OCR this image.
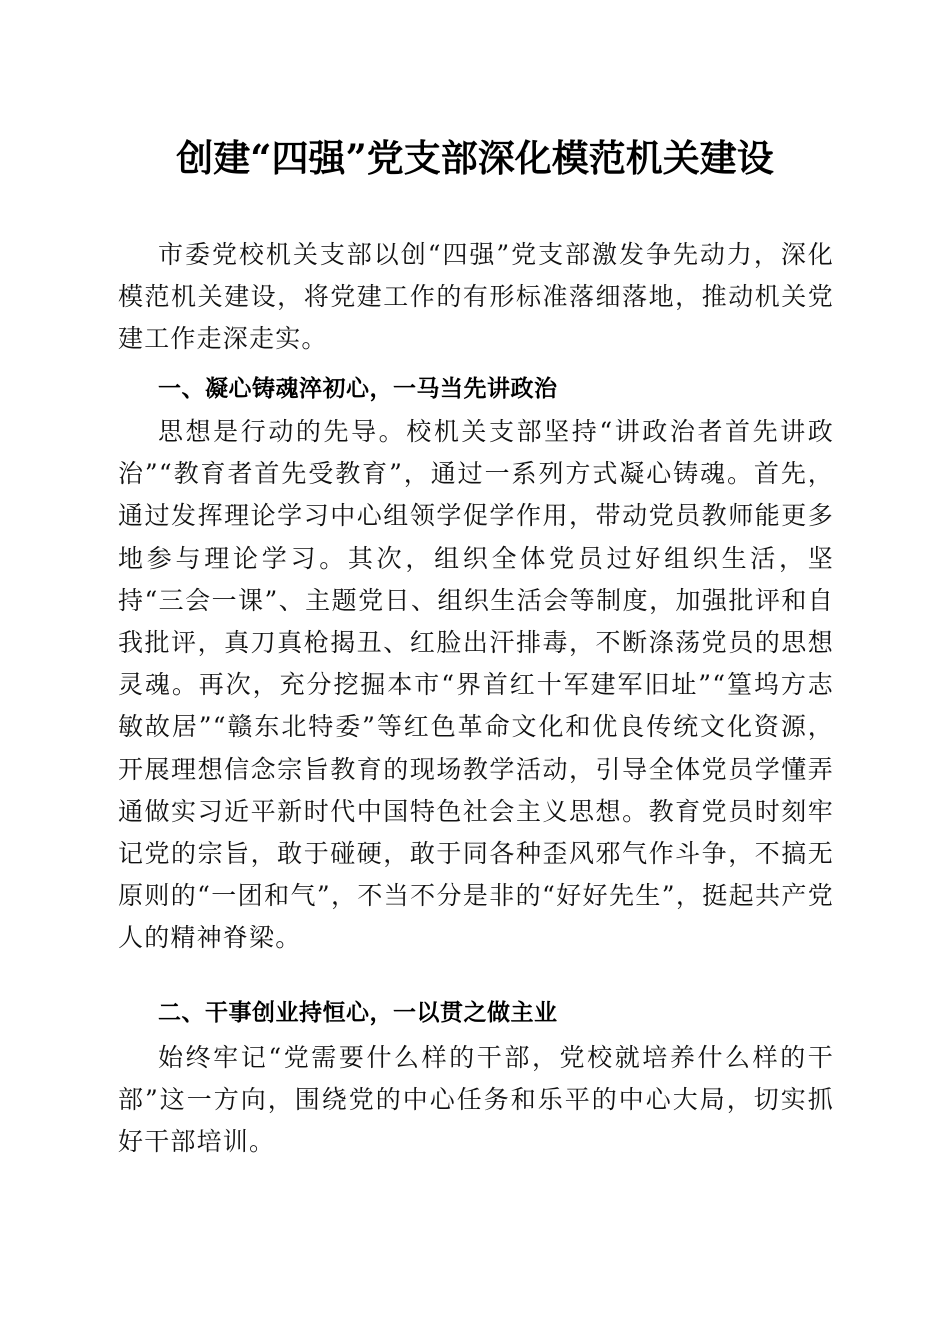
创建“四强”党支部深化模范机关建设

市委党校机关支部以创“四强”党支部激发争先动力，深化模范机关建设，将党建工作的有形标准落细落地，推动机关党建工作走深走实。

一、凝心铸魂淬初心，一马当先讲政治

思想是行动的先导。校机关支部坚持“讲政治者首先讲政治”“教育者首先受教育”，通过一系列方式凝心铸魂。首先，通过发挥理论学习中心组领学促学作用，带动党员教师能更多地参与理论学习。其次，组织全体党员过好组织生活，坚持“三会一课”、主题党日、组织生活会等制度，加强批评和自我批评，真刀真枪揭丑、红脸出汗排毒，不断涤荡党员的思想灵魂。再次，充分挖掘本市“界首红十军建军旧址”“篁坞方志敏故居”“赣东北特委”等红色革命文化和优良传统文化资源，开展理想信念宗旨教育的现场教学活动，引导全体党员学懂弄通做实习近平新时代中国特色社会主义思想。教育党员时刻牢记党的宗旨，敢于碰硬，敢于同各种歪风邪气作斗争，不搞无原则的“一团和气”，不当不分是非的“好好先生”，挺起共产党人的精神脊梁。

二、干事创业持恒心，一以贯之做主业

始终牢记“党需要什么样的干部，党校就培养什么样的干部”这一方向，围绕党的中心任务和乐平的中心大局，切实抓好干部培训。
